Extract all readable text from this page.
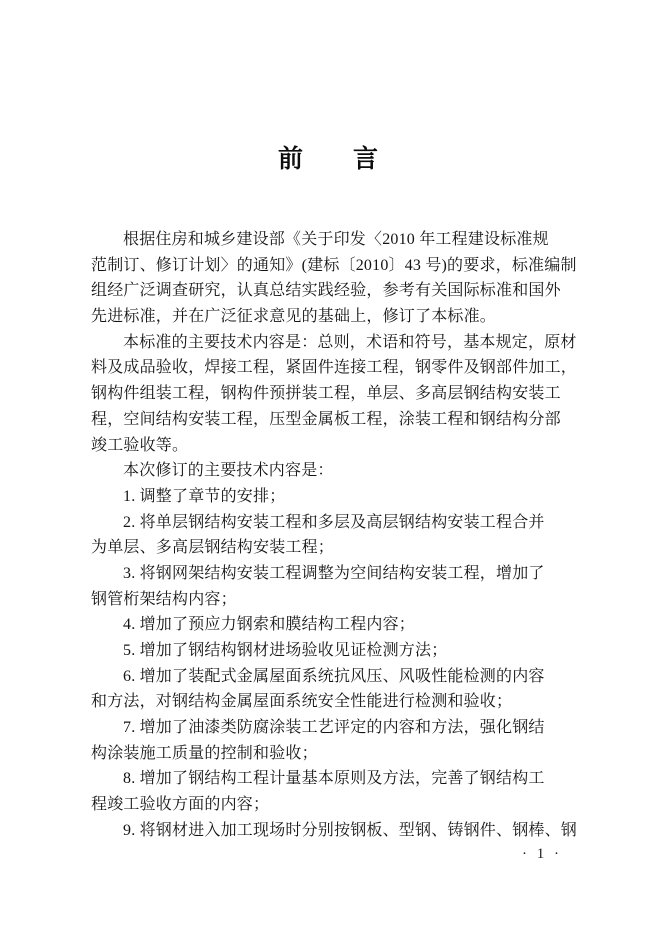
前　　言
根据住房和城乡建设部《关于印发〈2010 年工程建设标准规
范制订、修订计划〉的通知》(建标〔2010〕43 号)的要求，标准编制
组经广泛调查研究，认真总结实践经验，参考有关国际标准和国外
先进标准，并在广泛征求意见的基础上，修订了本标准。
本标准的主要技术内容是：总则，术语和符号，基本规定，原材
料及成品验收，焊接工程，紧固件连接工程，钢零件及钢部件加工，
钢构件组装工程，钢构件预拼装工程，单层、多高层钢结构安装工
程，空间结构安装工程，压型金属板工程，涂装工程和钢结构分部
竣工验收等。
本次修订的主要技术内容是：
1. 调整了章节的安排；
2. 将单层钢结构安装工程和多层及高层钢结构安装工程合并
为单层、多高层钢结构安装工程；
3. 将钢网架结构安装工程调整为空间结构安装工程，增加了
钢管桁架结构内容；
4. 增加了预应力钢索和膜结构工程内容；
5. 增加了钢结构钢材进场验收见证检测方法；
6. 增加了装配式金属屋面系统抗风压、风吸性能检测的内容
和方法，对钢结构金属屋面系统安全性能进行检测和验收；
7. 增加了油漆类防腐涂装工艺评定的内容和方法，强化钢结
构涂装施工质量的控制和验收；
8. 增加了钢结构工程计量基本原则及方法，完善了钢结构工
程竣工验收方面的内容；
9. 将钢材进入加工现场时分别按钢板、型钢、铸钢件、钢棒、钢
· 1 ·
